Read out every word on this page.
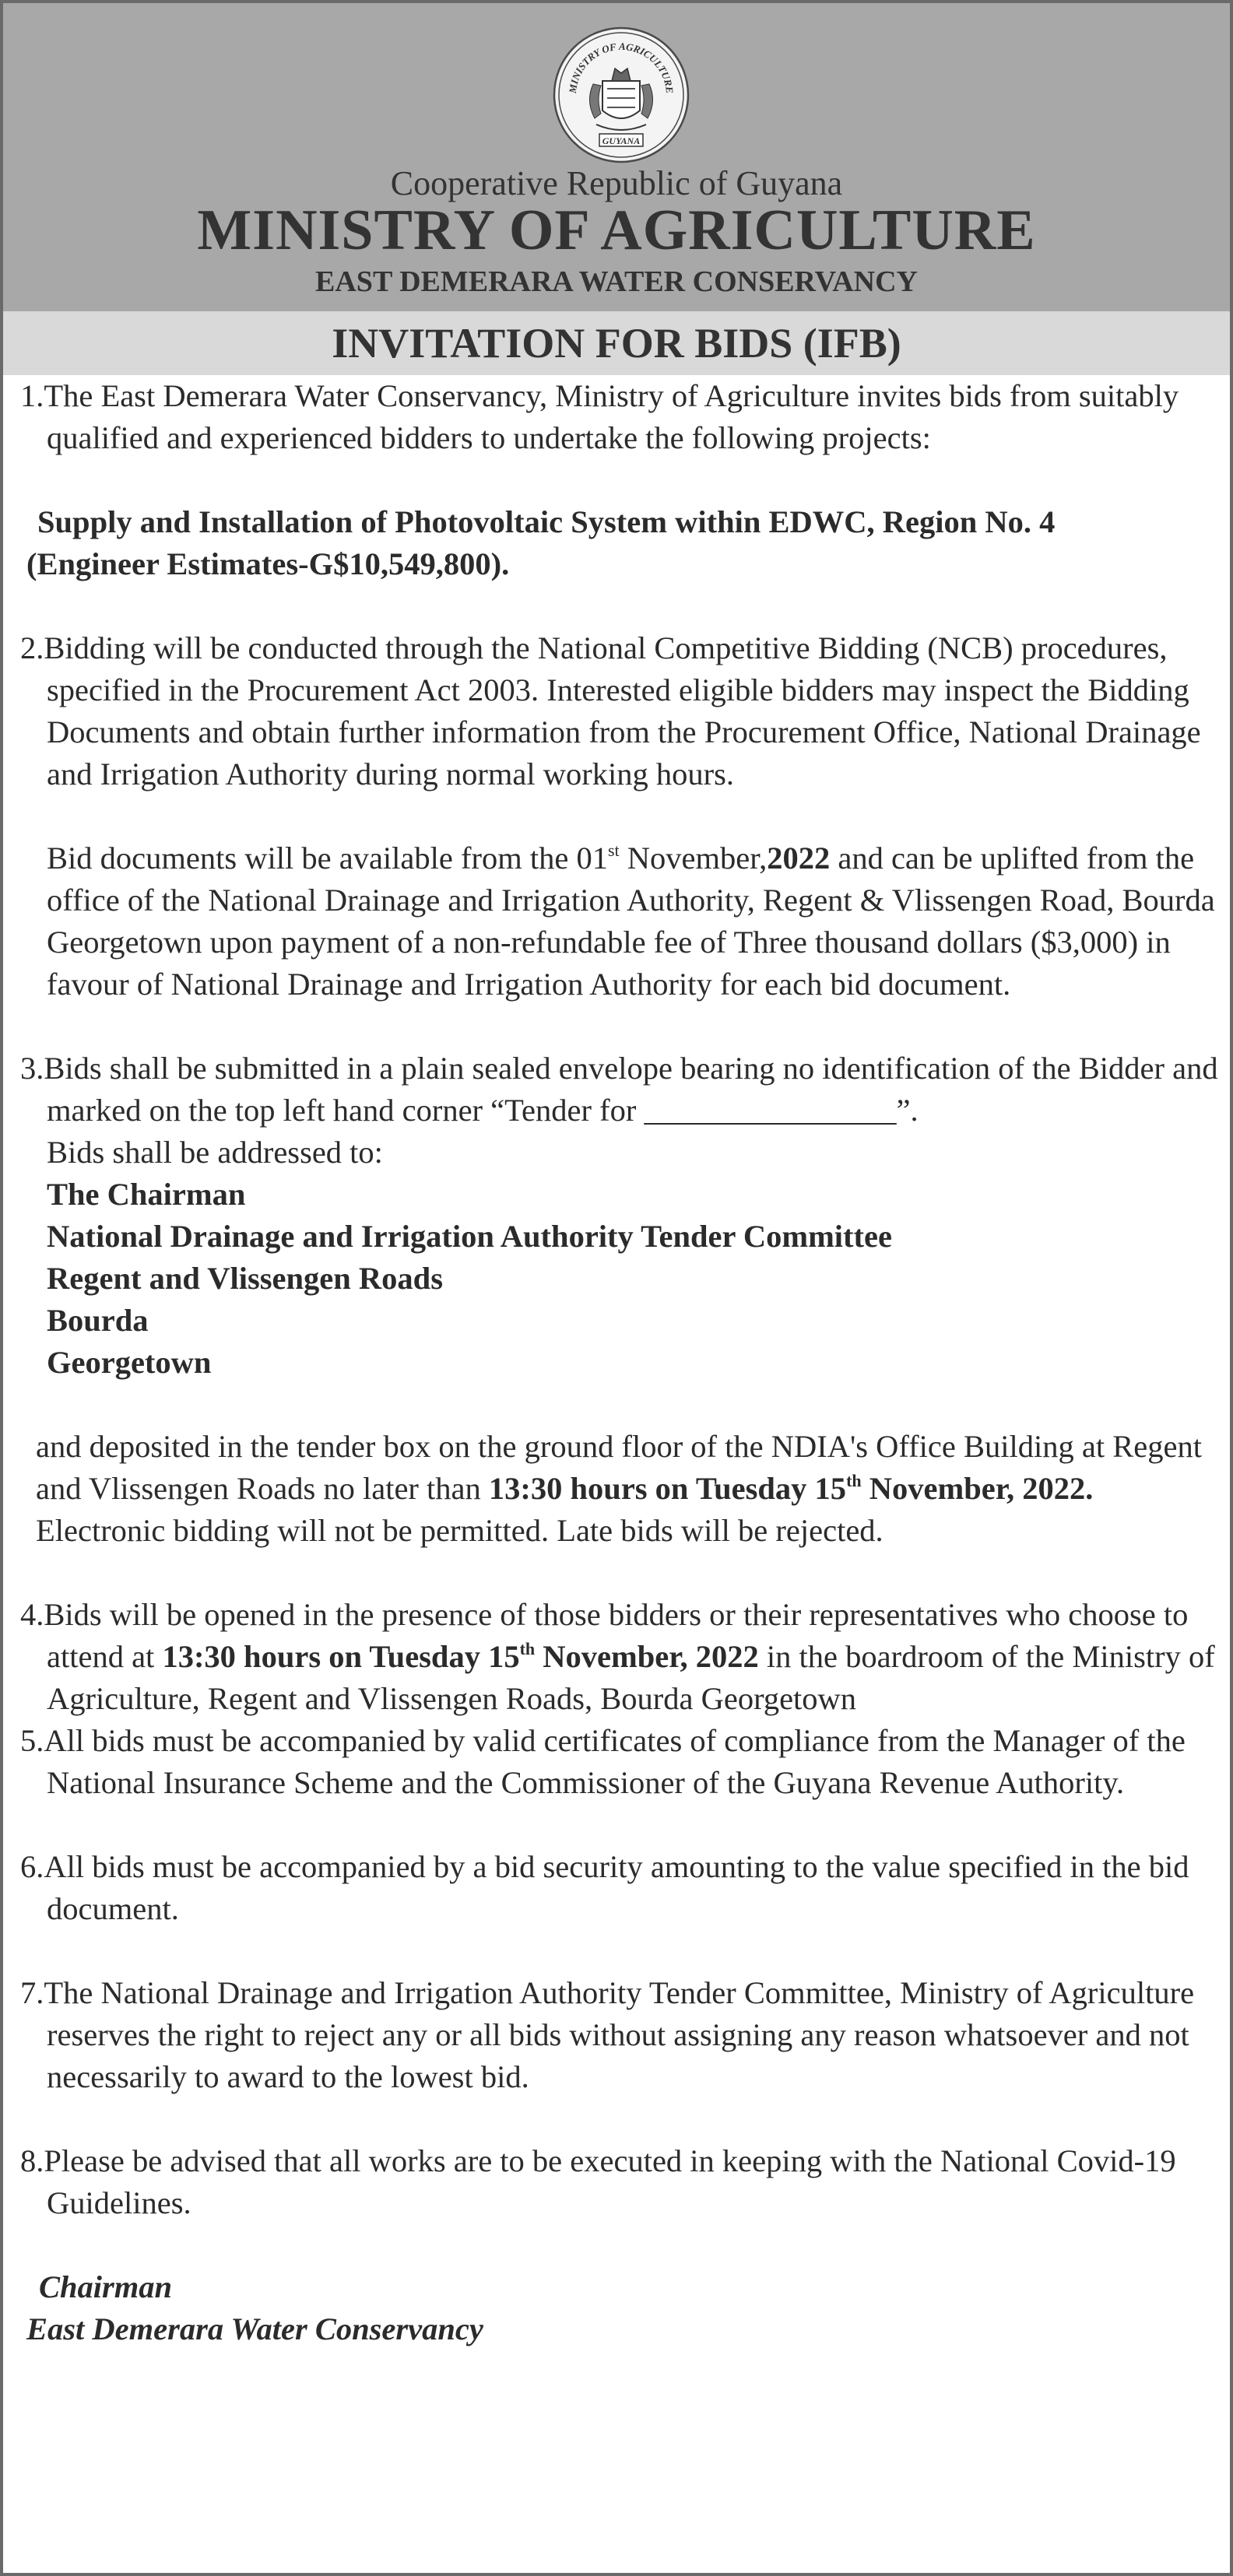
MINISTRY OF AGRICULTURE
GUYANA
Cooperative Republic of Guyana
MINISTRY OF AGRICULTURE
EAST DEMERARA WATER CONSERVANCY
INVITATION FOR BIDS (IFB)

1.The East Demerara Water Conservancy, Ministry of Agriculture invites bids from suitably qualified and experienced bidders to undertake the following projects:

Supply and Installation of Photovoltaic System within EDWC, Region No. 4
(Engineer Estimates-G$10,549,800).

2.Bidding will be conducted through the National Competitive Bidding (NCB) procedures, specified in the Procurement Act 2003. Interested eligible bidders may inspect the Bidding Documents and obtain further information from the Procurement Office, National Drainage and Irrigation Authority during normal working hours.

Bid documents will be available from the 01st November,2022 and can be uplifted from the office of the National Drainage and Irrigation Authority, Regent & Vlissengen Road, Bourda Georgetown upon payment of a non-refundable fee of Three thousand dollars ($3,000) in favour of National Drainage and Irrigation Authority for each bid document.

3.Bids shall be submitted in a plain sealed envelope bearing no identification of the Bidder and marked on the top left hand corner “Tender for ________________”.

Bids shall be addressed to:

The Chairman

National Drainage and Irrigation Authority Tender Committee

Regent and Vlissengen Roads

Bourda

Georgetown

and deposited in the tender box on the ground floor of the NDIA's Office Building at Regent and Vlissengen Roads no later than 13:30 hours on Tuesday 15th November, 2022. Electronic bidding will not be permitted. Late bids will be rejected.

4.Bids will be opened in the presence of those bidders or their representatives who choose to attend at 13:30 hours on Tuesday 15th November, 2022 in the boardroom of the Ministry of Agriculture, Regent and Vlissengen Roads, Bourda Georgetown

5.All bids must be accompanied by valid certificates of compliance from the Manager of the National Insurance Scheme and the Commissioner of the Guyana Revenue Authority.

6.All bids must be accompanied by a bid security amounting to the value specified in the bid document.

7.The National Drainage and Irrigation Authority Tender Committee, Ministry of Agriculture reserves the right to reject any or all bids without assigning any reason whatsoever and not necessarily to award to the lowest bid.

8.Please be advised that all works are to be executed in keeping with the National Covid-19 Guidelines.

Chairman

East Demerara Water Conservancy
